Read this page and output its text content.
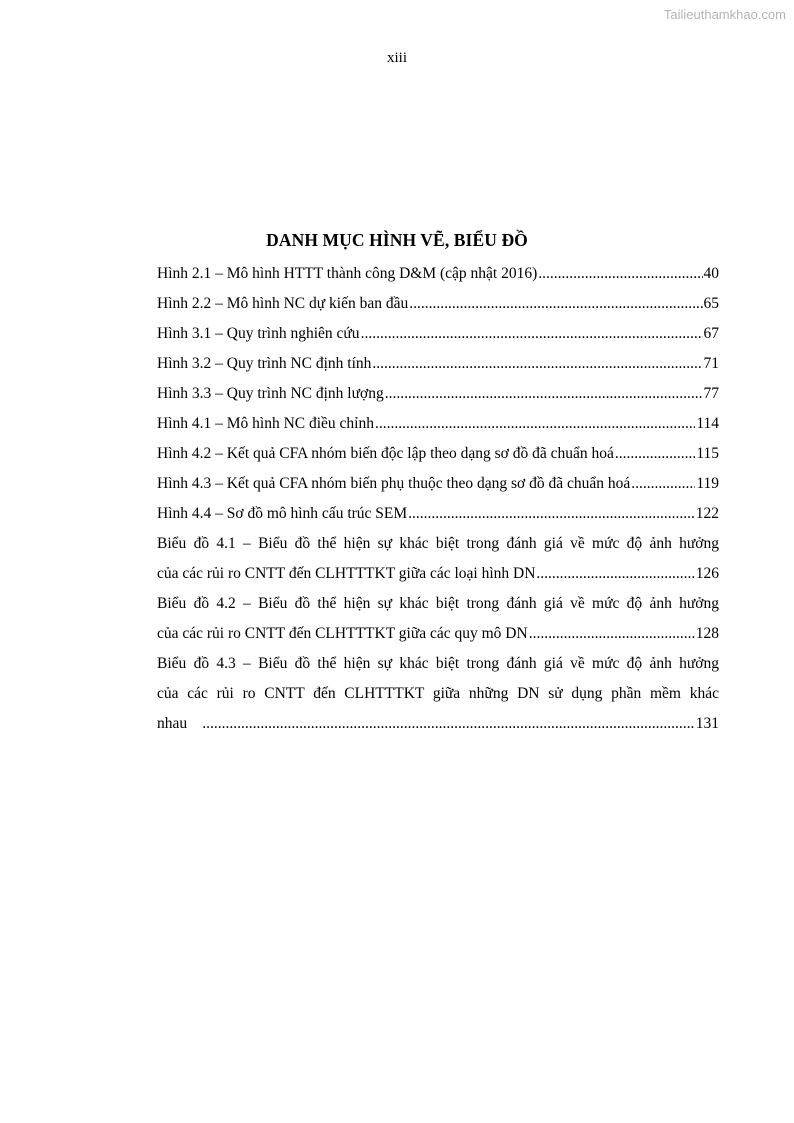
Tailieuthamkhao.com
xiii
DANH MỤC HÌNH VẼ, BIỂU ĐỒ
Hình 2.1 – Mô hình HTTT thành công D&M (cập nhật 2016) .....	40
Hình 2.2 – Mô hình NC dự kiến ban đầu .....	65
Hình 3.1 – Quy trình nghiên cứu .....	67
Hình 3.2 – Quy trình NC định tính .....	71
Hình 3.3 – Quy trình NC định lượng .....	77
Hình 4.1 – Mô hình NC điều chỉnh .....	114
Hình 4.2 – Kết quả CFA nhóm biến độc lập theo dạng sơ đồ đã chuẩn hoá .....	115
Hình 4.3 – Kết quả CFA nhóm biến phụ thuộc theo dạng sơ đồ đã chuẩn hoá .....	119
Hình 4.4 – Sơ đồ mô hình cấu trúc SEM .....	122
Biểu đồ 4.1 – Biểu đồ thể hiện sự khác biệt trong đánh giá về mức độ ảnh hưởng
của các rủi ro CNTT đến CLHTTTKT giữa các loại hình DN .....	126
Biểu đồ 4.2 – Biểu đồ thể hiện sự khác biệt trong đánh giá về mức độ ảnh hưởng
của các rủi ro CNTT đến CLHTTTKT giữa các quy mô DN .....	128
Biểu đồ 4.3 – Biểu đồ thể hiện sự khác biệt trong đánh giá về mức độ ảnh hưởng
của các rủi ro CNTT đến CLHTTTKT giữa những DN sử dụng phần mềm khác
nhau .....	131
